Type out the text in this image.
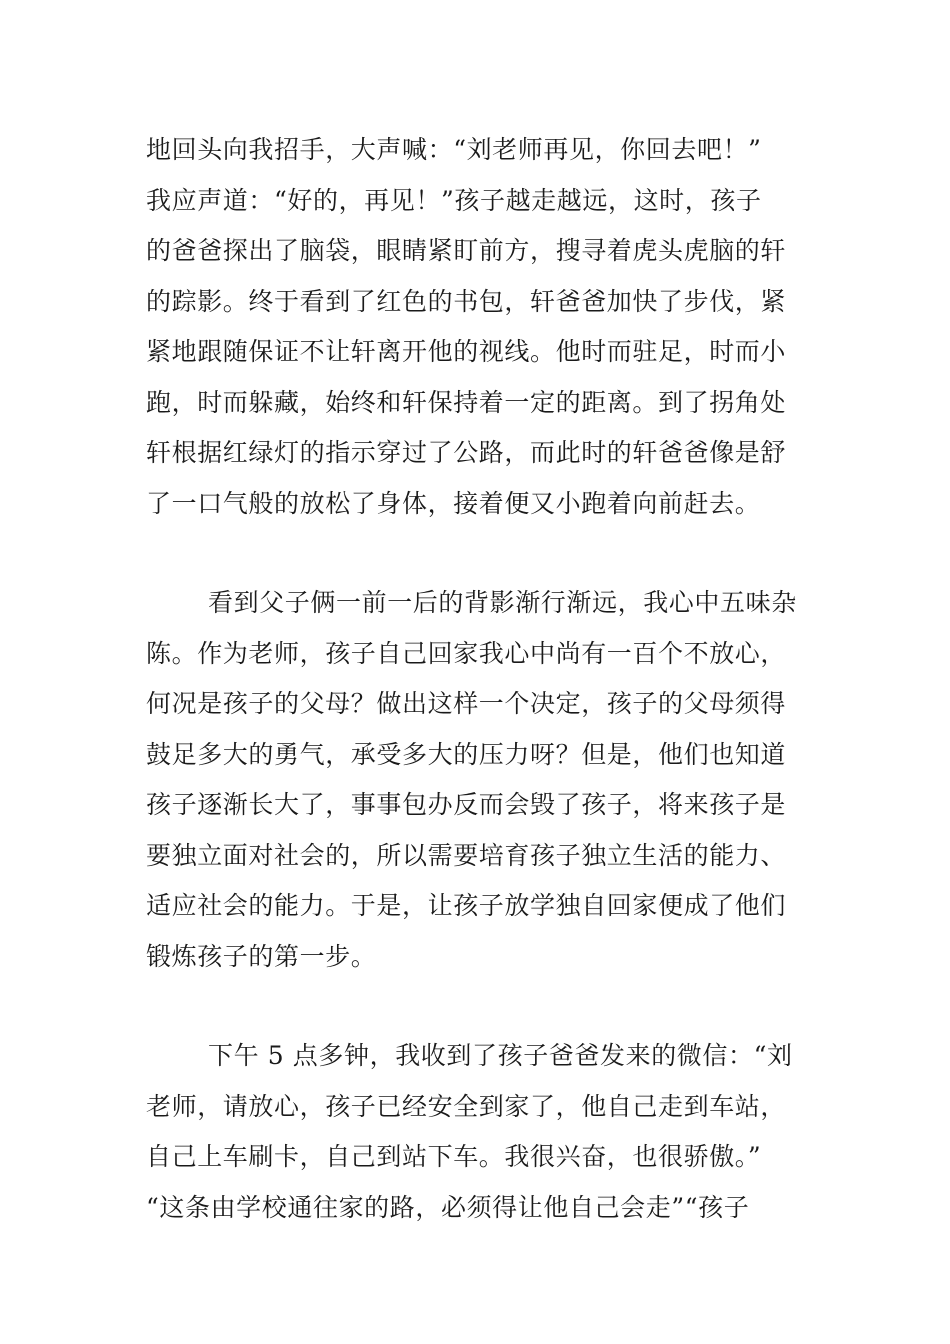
地回头向我招手，大声喊：“刘老师再见，你回去吧！”
我应声道：“好的，再见！”孩子越走越远，这时，孩子
的爸爸探出了脑袋，眼睛紧盯前方，搜寻着虎头虎脑的轩
的踪影。终于看到了红色的书包，轩爸爸加快了步伐，紧
紧地跟随保证不让轩离开他的视线。他时而驻足，时而小
跑，时而躲藏，始终和轩保持着一定的距离。到了拐角处
轩根据红绿灯的指示穿过了公路，而此时的轩爸爸像是舒
了一口气般的放松了身体，接着便又小跑着向前赶去。
看到父子俩一前一后的背影渐行渐远，我心中五味杂
陈。作为老师，孩子自己回家我心中尚有一百个不放心，
何况是孩子的父母？做出这样一个决定，孩子的父母须得
鼓足多大的勇气，承受多大的压力呀？但是，他们也知道
孩子逐渐长大了，事事包办反而会毁了孩子，将来孩子是
要独立面对社会的，所以需要培育孩子独立生活的能力、
适应社会的能力。于是，让孩子放学独自回家便成了他们
锻炼孩子的第一步。
下午 5 点多钟，我收到了孩子爸爸发来的微信：“刘
老师，请放心，孩子已经安全到家了，他自己走到车站，
自己上车刷卡，自己到站下车。我很兴奋，也很骄傲。”
“这条由学校通往家的路，必须得让他自己会走”“孩子
